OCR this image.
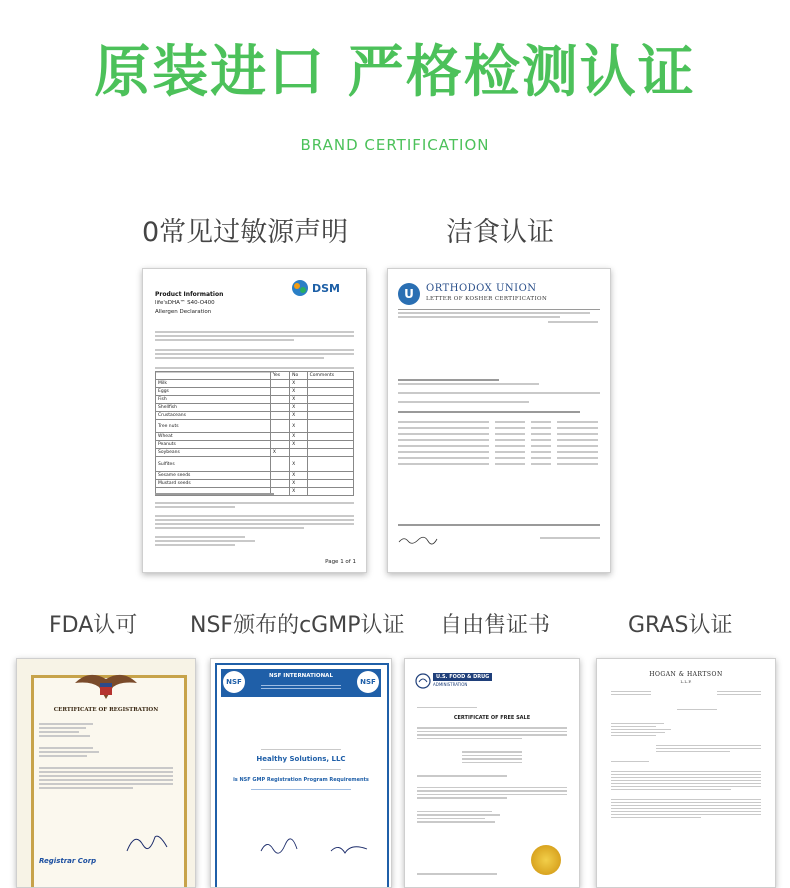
原装进口 严格检测认证
BRAND CERTIFICATION
0常见过敏源声明	洁食认证
Product Information
life'sDHA™ S40-O400
Allergen Declaration
DSM
	Yes	No	Comments
Milk		X	
Eggs		X	
Fish		X	
Shellfish		X	
Crustaceans		X	
Tree nuts		X	
Wheat		X	
Peanuts		X	
Soybeans	X		
Sulfites		X	
Sesame seeds		X	
Mustard seeds		X	
		X	
Page 1 of 1
U	ORTHODOX UNION
LETTER OF KOSHER CERTIFICATION
FDA认可 NSF颁布的cGMP认证 自由售证书	GRAS认证
CERTIFICATE OF REGISTRATION
Registrar Corp
NSF	NSF
NSF INTERNATIONAL
Healthy Solutions, LLC
is NSF GMP Registration Program Requirements
U.S. FOOD & DRUG
ADMINISTRATION
CERTIFICATE OF FREE SALE
HOGAN & HARTSON
L.L.P.
